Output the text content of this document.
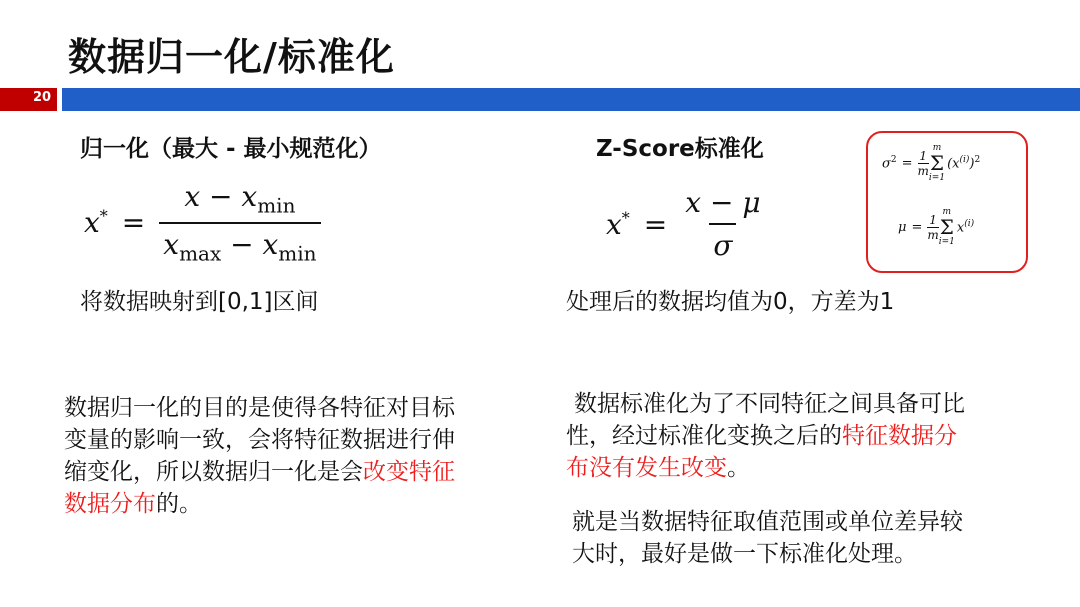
数据归一化/标准化
20
归一化（最大 - 最小规范化）
$x^* = \frac{x - x_{min}}{x_{max} - x_{min}}$
将数据映射到[0,1]区间
数据归一化的目的是使得各特征对目标变量的影响一致，会将特征数据进行伸缩变化，所以数据归一化是会改变特征数据分布的。
Z-Score标准化
$x^* = \frac{x - \mu}{\sigma}$
$\sigma^2 = \frac{1}{m}$
m
Σ
i=1
$(x^{(i)})^2$
$\mu = \frac{1}{m}$
m
Σ
i=1
$x^{(i)}$
处理后的数据均值为0，方差为1
数据标准化为了不同特征之间具备可比性，经过标准化变换之后的特征数据分布没有发生改变。
就是当数据特征取值范围或单位差异较大时，最好是做一下标准化处理。
